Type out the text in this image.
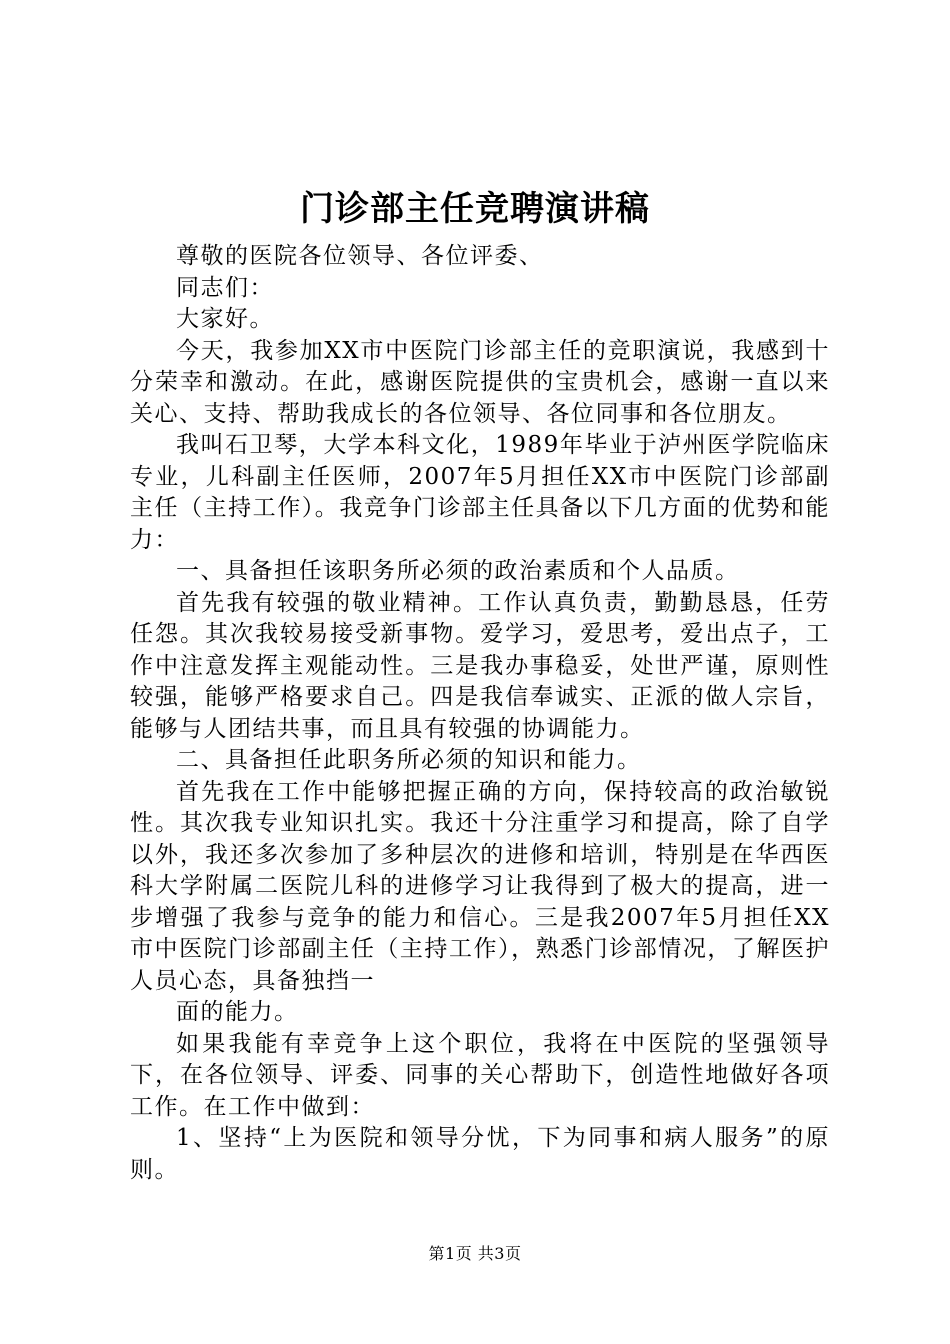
门诊部主任竞聘演讲稿

尊敬的医院各位领导、各位评委、

同志们：

大家好。

今天，我参加XX市中医院门诊部主任的竞职演说，我感到十分荣幸和激动。在此，感谢医院提供的宝贵机会，感谢一直以来关心、支持、帮助我成长的各位领导、各位同事和各位朋友。

我叫石卫琴，大学本科文化，1989年毕业于泸州医学院临床专业，儿科副主任医师，2007年5月担任XX市中医院门诊部副主任（主持工作）。我竞争门诊部主任具备以下几方面的优势和能力：

一、具备担任该职务所必须的政治素质和个人品质。

首先我有较强的敬业精神。工作认真负责，勤勤恳恳，任劳任怨。其次我较易接受新事物。爱学习，爱思考，爱出点子，工作中注意发挥主观能动性。三是我办事稳妥，处世严谨，原则性较强，能够严格要求自己。四是我信奉诚实、正派的做人宗旨，能够与人团结共事，而且具有较强的协调能力。

二、具备担任此职务所必须的知识和能力。

首先我在工作中能够把握正确的方向，保持较高的政治敏锐性。其次我专业知识扎实。我还十分注重学习和提高，除了自学以外，我还多次参加了多种层次的进修和培训，特别是在华西医科大学附属二医院儿科的进修学习让我得到了极大的提高，进一步增强了我参与竞争的能力和信心。三是我2007年5月担任XX市中医院门诊部副主任（主持工作），熟悉门诊部情况，了解医护人员心态，具备独挡一

面的能力。

如果我能有幸竞争上这个职位，我将在中医院的坚强领导下，在各位领导、评委、同事的关心帮助下，创造性地做好各项工作。在工作中做到：

1、坚持“上为医院和领导分忧，下为同事和病人服务”的原则。

第1页 共3页
